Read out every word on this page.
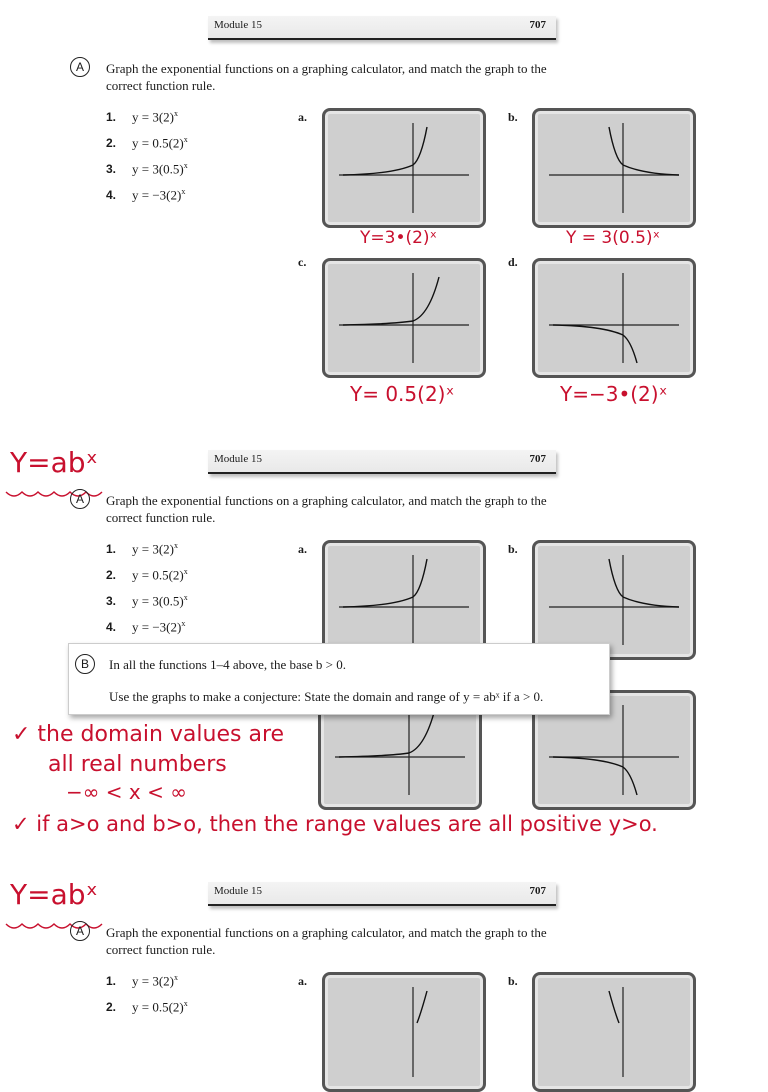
Module 15	707
A	Graph the exponential functions on a graphing calculator, and match the graph to the
correct function rule.
1. $y = 3(2)^x$
2. $y = 0.5(2)^x$
3. $y = 3(0.5)^x$
4. $y = -3(2)^x$
a.	b.
c.	d.
Y=3•(2)ˣ	Y = 3(0.5)ˣ
Y= 0.5(2)ˣ	Y=−3•(2)ˣ
Y=abˣ	Module 15	707
A	Graph the exponential functions on a graphing calculator, and match the graph to the
correct function rule.
1. $y = 3(2)^x$
2. $y = 0.5(2)^x$
3. $y = 3(0.5)^x$
4. $y = -3(2)^x$
a.	b.
B	In all the functions 1–4 above, the base b > 0.
Use the graphs to make a conjecture: State the domain and range of y = abˣ if a > 0.
✓ the domain values are
all real numbers
−∞ < x < ∞
✓ if a>o and b>o, then the range values are all positive y>o.
Y=abˣ	Module 15	707
A	Graph the exponential functions on a graphing calculator, and match the graph to the
correct function rule.
1. $y = 3(2)^x$
2. $y = 0.5(2)^x$
a.	b.
